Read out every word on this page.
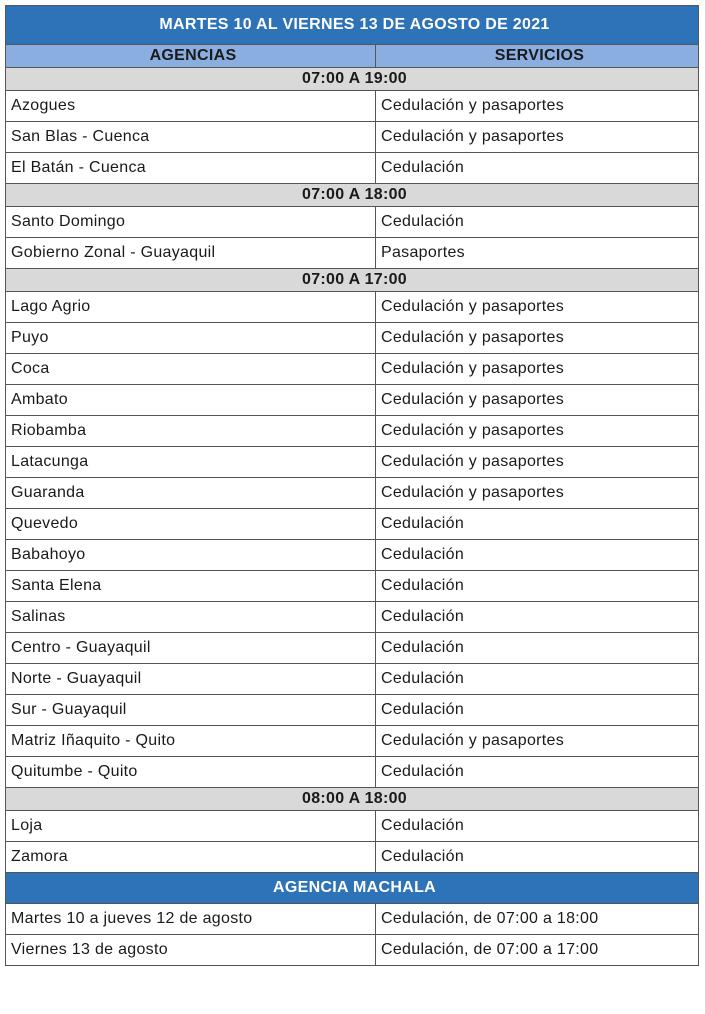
MARTES 10 AL VIERNES 13 DE AGOSTO DE 2021	
AGENCIAS	SERVICIOS
07:00 A 19:00	
Azogues	Cedulación y pasaportes
San Blas - Cuenca	Cedulación y pasaportes
El Batán - Cuenca	Cedulación
07:00 A 18:00	
Santo Domingo	Cedulación
Gobierno Zonal - Guayaquil	Pasaportes
07:00 A 17:00	
Lago Agrio	Cedulación y pasaportes
Puyo	Cedulación y pasaportes
Coca	Cedulación y pasaportes
Ambato	Cedulación y pasaportes
Riobamba	Cedulación y pasaportes
Latacunga	Cedulación y pasaportes
Guaranda	Cedulación y pasaportes
Quevedo	Cedulación
Babahoyo	Cedulación
Santa Elena	Cedulación
Salinas	Cedulación
Centro - Guayaquil	Cedulación
Norte - Guayaquil	Cedulación
Sur - Guayaquil	Cedulación
Matriz Iñaquito - Quito	Cedulación y pasaportes
Quitumbe - Quito	Cedulación
08:00 A 18:00	
Loja	Cedulación
Zamora	Cedulación
AGENCIA MACHALA	
Martes 10 a jueves 12 de agosto	Cedulación, de 07:00 a 18:00
Viernes 13 de agosto	Cedulación, de 07:00 a 17:00
